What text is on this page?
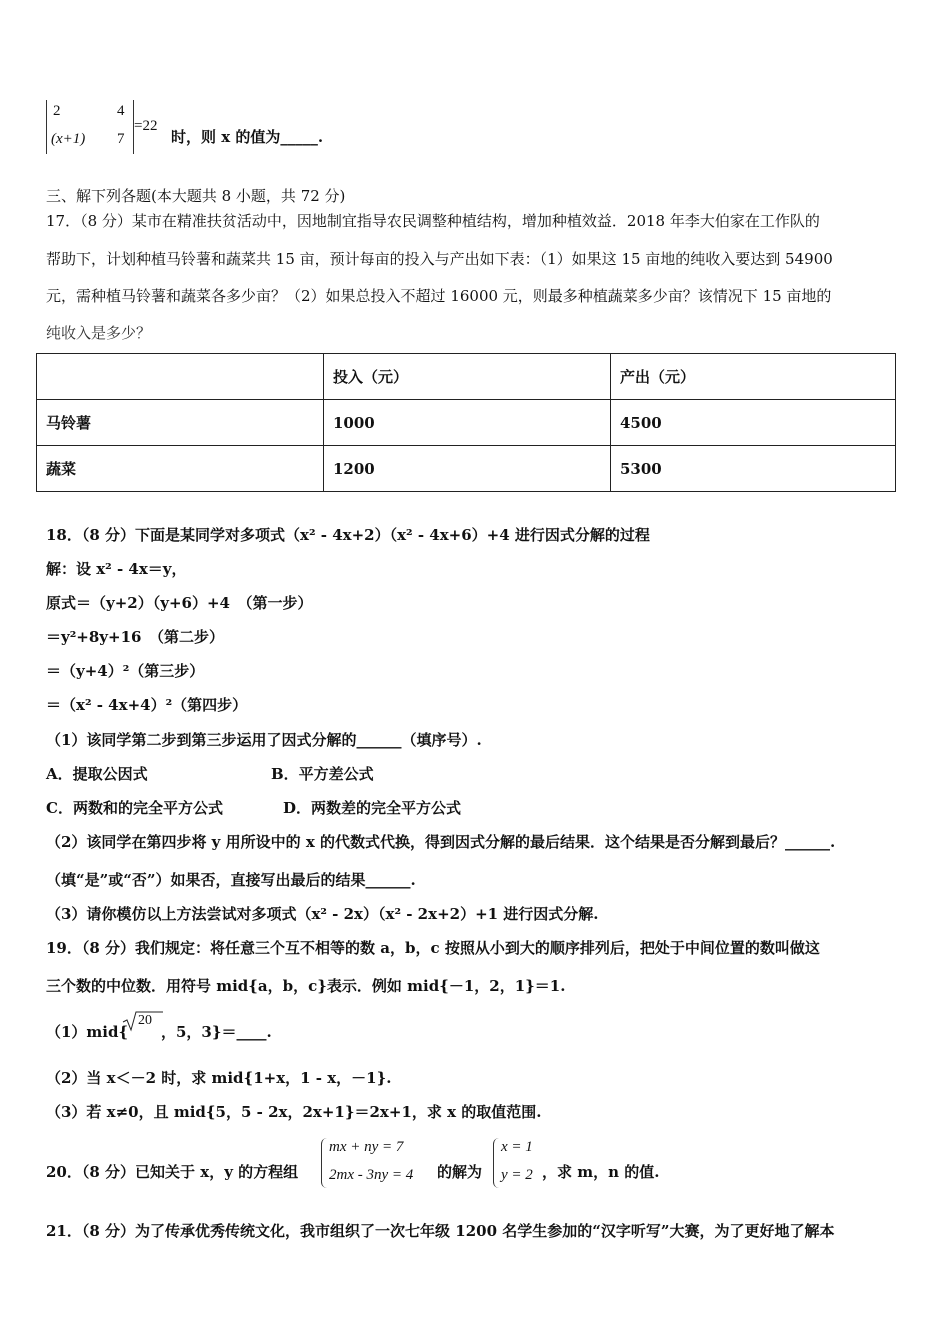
2	4
(x+1) 7
=22
时，则 x 的值为_____.
三、解下列各题(本大题共 8 小题，共 72 分)
17．（8 分）某市在精准扶贫活动中，因地制宜指导农民调整种植结构，增加种植效益．2018 年李大伯家在工作队的
帮助下，计划种植马铃薯和蔬菜共 15 亩，预计每亩的投入与产出如下表：（1）如果这 15 亩地的纯收入要达到 54900
元，需种植马铃薯和蔬菜各多少亩？（2）如果总投入不超过 16000 元，则最多种植蔬菜多少亩？该情况下 15 亩地的
纯收入是多少？
	投入（元）	产出（元）
马铃薯	1000	4500
蔬菜	1200	5300
18．（8 分）下面是某同学对多项式（x² - 4x+2）（x² - 4x+6）+4 进行因式分解的过程
解：设 x² - 4x＝y，
原式＝（y+2）（y+6）+4　（第一步）
＝y²+8y+16　（第二步）
＝（y+4）²（第三步）
＝（x² - 4x+4）²（第四步）
（1）该同学第二步到第三步运用了因式分解的______（填序号）.
A．提取公因式	B．平方差公式
C．两数和的完全平方公式	D．两数差的完全平方公式
（2）该同学在第四步将 y 用所设中的 x 的代数式代换，得到因式分解的最后结果．这个结果是否分解到最后？______.
（填“是”或“否”）如果否，直接写出最后的结果______.
（3）请你模仿以上方法尝试对多项式（x² - 2x）（x² - 2x+2）+1 进行因式分解.
19．（8 分）我们规定：将任意三个互不相等的数 a，b，c 按照从小到大的顺序排列后，把处于中间位置的数叫做这
三个数的中位数．用符号 mid{a，b，c}表示．例如 mid{－1，2，1}＝1.
（1）mid{
20
，5，3}＝____.
（2）当 x＜－2 时，求 mid{1+x，1 - x，－1}.
（3）若 x≠0，且 mid{5，5 - 2x，2x+1}＝2x+1，求 x 的取值范围.
20．（8 分）已知关于 x，y 的方程组
mx + ny = 7
2mx - 3ny = 4 的解为
x = 1
y = 2 ，求 m，n 的值.
21．（8 分）为了传承优秀传统文化，我市组织了一次七年级 1200 名学生参加的“汉字听写”大赛，为了更好地了解本
